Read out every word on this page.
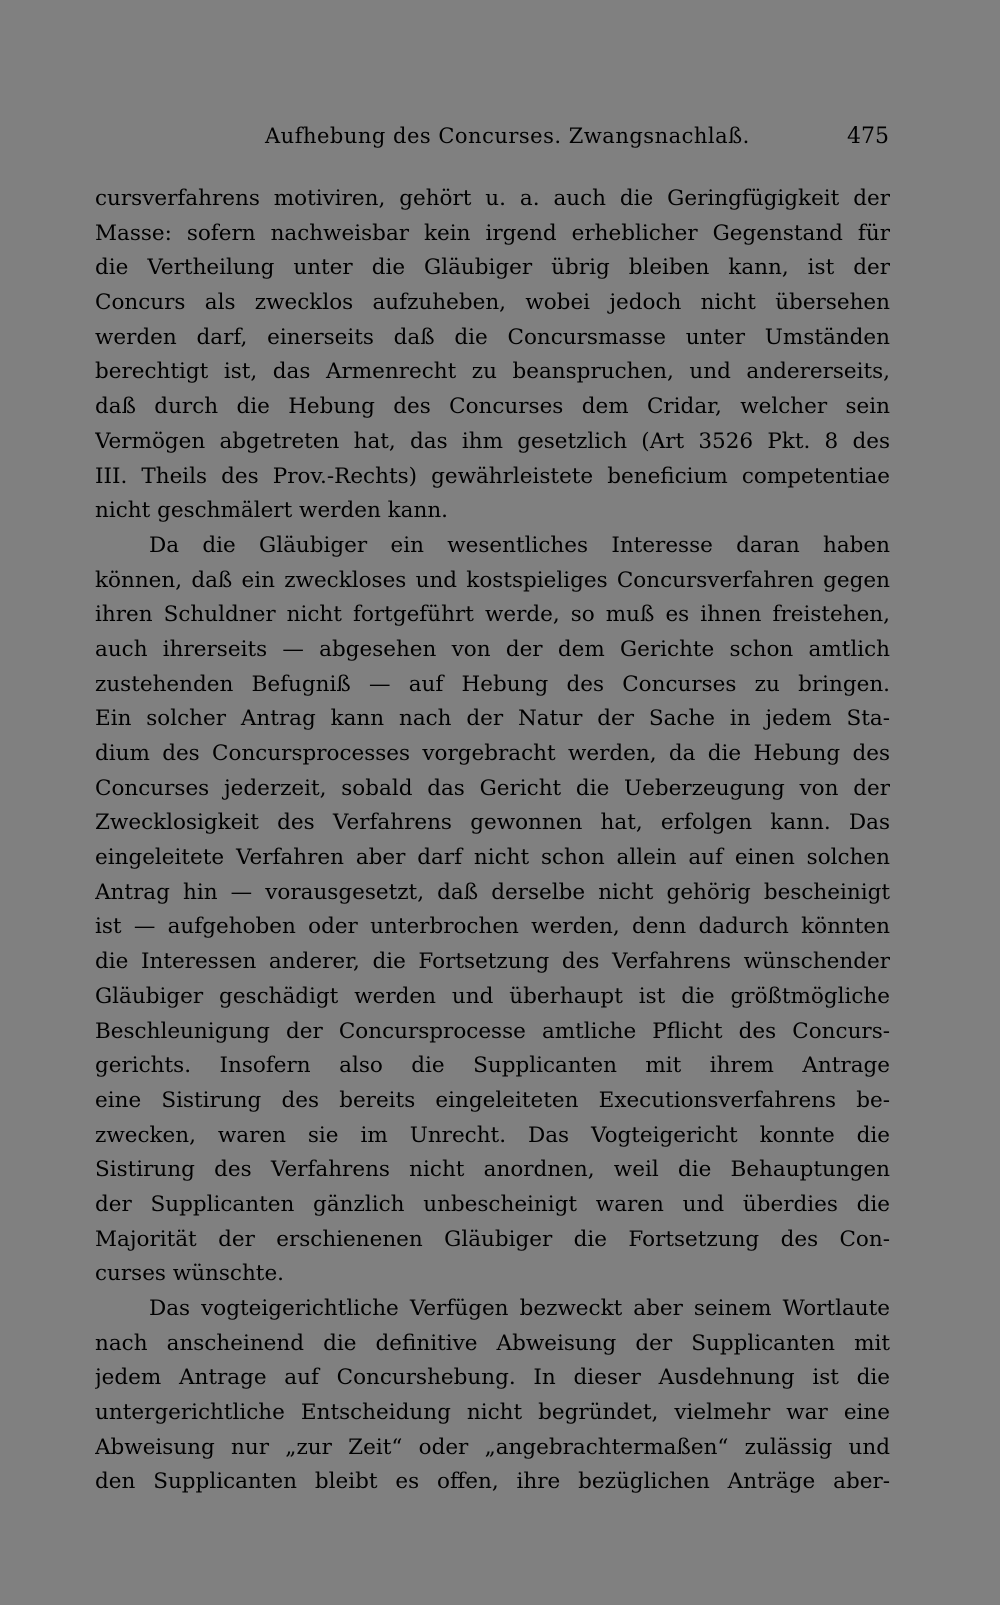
Aufhebung des Concurses. Zwangsnachlaß.	475
cursverfahrens motiviren, gehört u. a. auch die Geringfügigkeit der
Masse: sofern nachweisbar kein irgend erheblicher Gegenstand für
die Vertheilung unter die Gläubiger übrig bleiben kann, ist der
Concurs als zwecklos aufzuheben, wobei jedoch nicht übersehen
werden darf, einerseits daß die Concursmasse unter Umständen
berechtigt ist, das Armenrecht zu beanspruchen, und andererseits,
daß durch die Hebung des Concurses dem Cridar, welcher sein
Vermögen abgetreten hat, das ihm gesetzlich (Art 3526 Pkt. 8 des
III. Theils des Prov.-Rechts) gewährleistete beneficium competentiae
nicht geschmälert werden kann.
Da die Gläubiger ein wesentliches Interesse daran haben
können, daß ein zweckloses und kostspieliges Concursverfahren gegen
ihren Schuldner nicht fortgeführt werde, so muß es ihnen freistehen,
auch ihrerseits — abgesehen von der dem Gerichte schon amtlich
zustehenden Befugniß — auf Hebung des Concurses zu bringen.
Ein solcher Antrag kann nach der Natur der Sache in jedem Sta-
dium des Concursprocesses vorgebracht werden, da die Hebung des
Concurses jederzeit, sobald das Gericht die Ueberzeugung von der
Zwecklosigkeit des Verfahrens gewonnen hat, erfolgen kann. Das
eingeleitete Verfahren aber darf nicht schon allein auf einen solchen
Antrag hin — vorausgesetzt, daß derselbe nicht gehörig bescheinigt
ist — aufgehoben oder unterbrochen werden, denn dadurch könnten
die Interessen anderer, die Fortsetzung des Verfahrens wünschender
Gläubiger geschädigt werden und überhaupt ist die größtmögliche
Beschleunigung der Concursprocesse amtliche Pflicht des Concurs-
gerichts. Insofern also die Supplicanten mit ihrem Antrage
eine Sistirung des bereits eingeleiteten Executionsverfahrens be-
zwecken, waren sie im Unrecht. Das Vogteigericht konnte die
Sistirung des Verfahrens nicht anordnen, weil die Behauptungen
der Supplicanten gänzlich unbescheinigt waren und überdies die
Majorität der erschienenen Gläubiger die Fortsetzung des Con-
curses wünschte.
Das vogteigerichtliche Verfügen bezweckt aber seinem Wortlaute
nach anscheinend die definitive Abweisung der Supplicanten mit
jedem Antrage auf Concurshebung. In dieser Ausdehnung ist die
untergerichtliche Entscheidung nicht begründet, vielmehr war eine
Abweisung nur „zur Zeit“ oder „angebrachtermaßen“ zulässig und
den Supplicanten bleibt es offen, ihre bezüglichen Anträge aber-
